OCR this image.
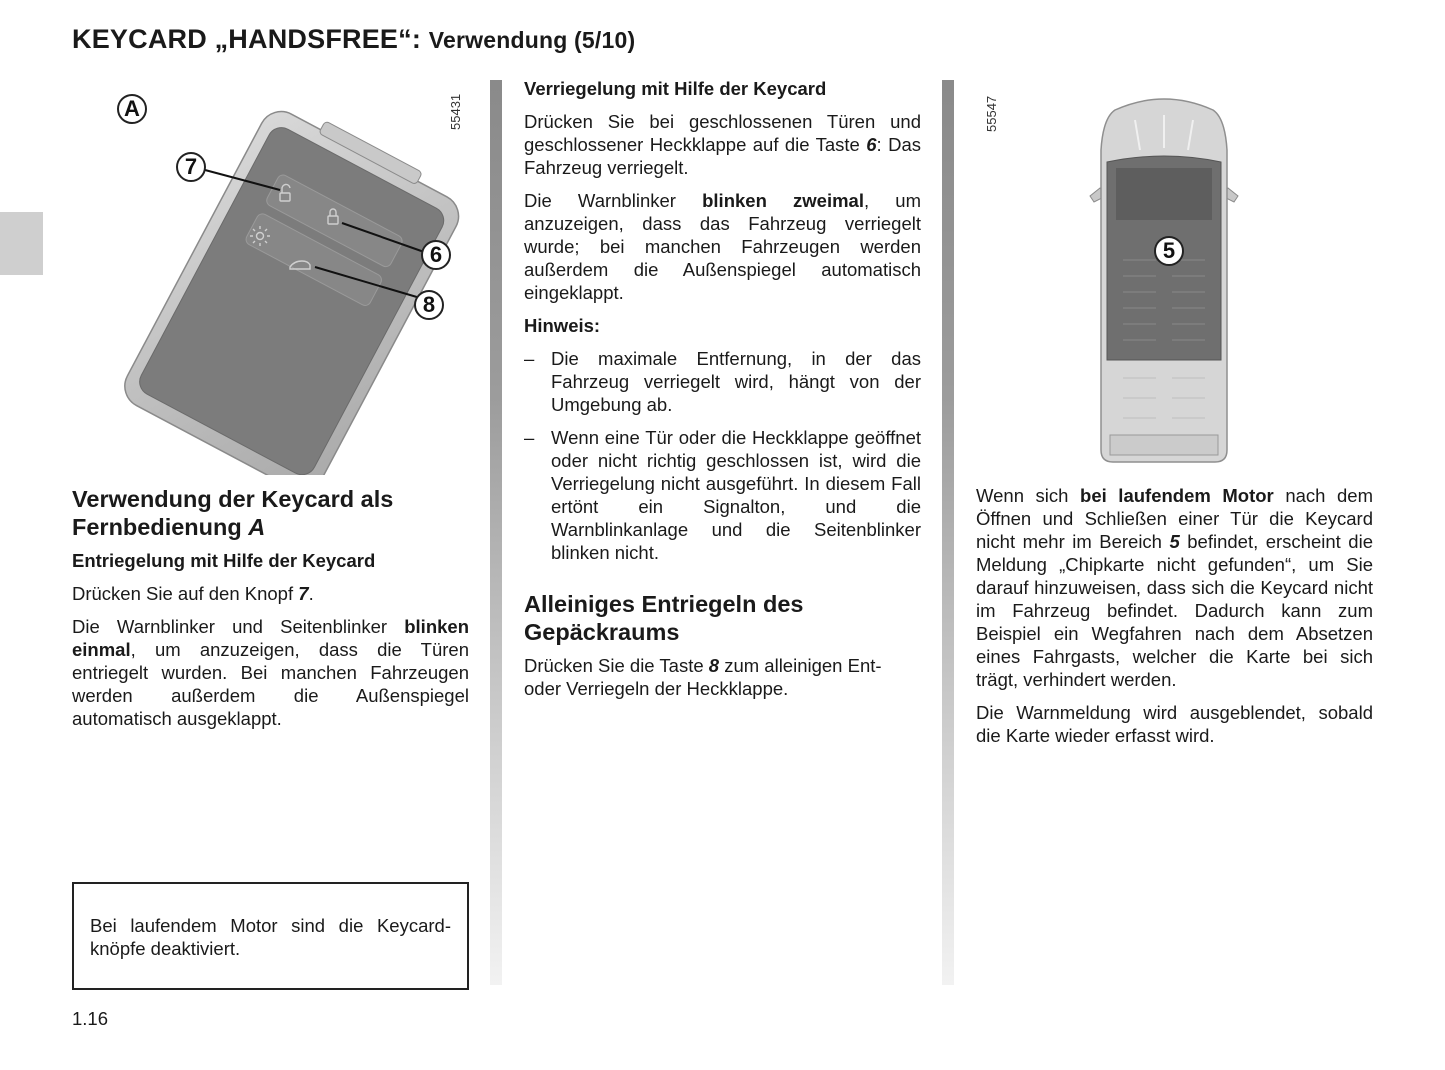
KEYCARD „HANDSFREE“: Verwendung (5/10)
A
7
6
8
55431
5
55547
Verwendung der Keycard als
Fernbedienung A
Entriegelung mit Hilfe der Keycard

Drücken Sie auf den Knopf 7.

Die Warnblinker und Seitenblinker blinken einmal, um anzuzeigen, dass die Türen entriegelt wurden. Bei manchen Fahrzeugen werden außerdem die Außenspiegel automatisch ausgeklappt.

Verriegelung mit Hilfe der Keycard

Drücken Sie bei geschlossenen Türen und geschlossener Heckklappe auf die Taste 6: Das Fahrzeug verriegelt.

Die Warnblinker blinken zweimal, um anzuzeigen, dass das Fahrzeug verriegelt wurde; bei manchen Fahrzeugen werden außerdem die Außenspiegel automatisch eingeklappt.

Hinweis:
– Die maximale Entfernung, in der das Fahrzeug verriegelt wird, hängt von der Umgebung ab.
– Wenn eine Tür oder die Heckklappe geöffnet oder nicht richtig geschlossen ist, wird die Verriegelung nicht ausgeführt. In diesem Fall ertönt ein Signalton, und die Warnblinkanlage und die Seitenblinker blinken nicht.
Alleiniges Entriegeln des
Gepäckraums

Drücken Sie die Taste 8 zum alleinigen Ent- oder Verriegeln der Heckklappe.

Wenn sich bei laufendem Motor nach dem Öffnen und Schließen einer Tür die Keycard nicht mehr im Bereich 5 befindet, erscheint die Meldung „Chipkarte nicht gefunden“, um Sie darauf hinzuweisen, dass sich die Keycard nicht im Fahrzeug befindet. Dadurch kann zum Beispiel ein Wegfahren nach dem Absetzen eines Fahrgasts, welcher die Karte bei sich trägt, verhindert werden.

Die Warnmeldung wird ausgeblendet, sobald die Karte wieder erfasst wird.

Bei laufendem Motor sind die Keycardknöpfe deaktiviert.
1.16
